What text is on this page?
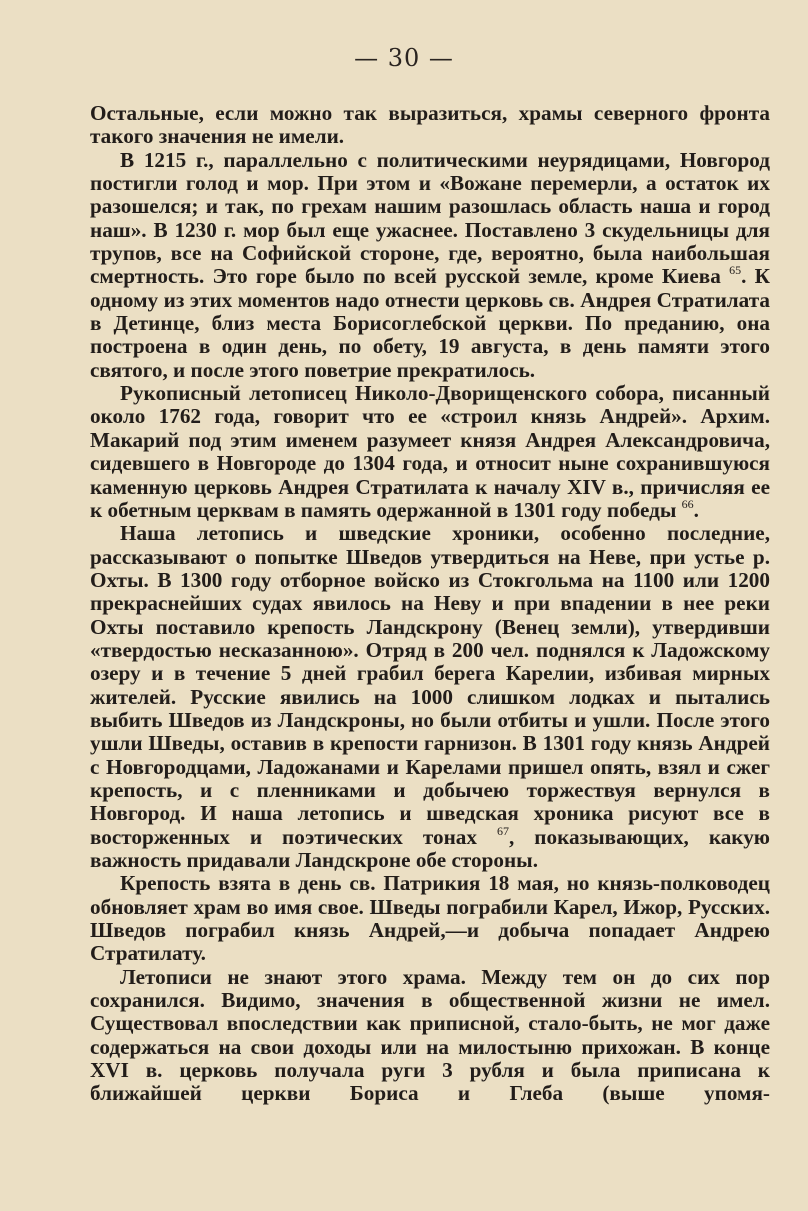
— 30 —

Остальные, если можно так выразиться, храмы северного фронта такого значения не имели.

В 1215 г., параллельно с политическими неурядицами, Новгород постигли голод и мор. При этом и «Вожане перемерли, а остаток их разошелся; и так, по грехам нашим разошлась область наша и город наш». В 1230 г. мор был еще ужаснее. Поставлено 3 скудельницы для трупов, все на Софийской стороне, где, вероятно, была наибольшая смертность. Это горе было по всей русской земле, кроме Киева $^{65}$. К одному из этих моментов надо отнести церковь св. Андрея Стратилата в Детинце, близ места Борисоглебской церкви. По преданию, она построена в один день, по обету, 19 августа, в день памяти этого святого, и после этого поветрие прекратилось.

Рукописный летописец Николо-Дворищенского собора, писанный около 1762 года, говорит что ее «строил князь Андрей». Архим. Макарий под этим именем разумеет князя Андрея Александровича, сидевшего в Новгороде до 1304 года, и относит ныне сохранившуюся каменную церковь Андрея Стратилата к началу XIV в., причисляя ее к обетным церквам в память одержанной в 1301 году победы $^{66}$.

Наша летопись и шведские хроники, особенно последние, рассказывают о попытке Шведов утвердиться на Неве, при устье р. Охты. В 1300 году отборное войско из Стокгольма на 1100 или 1200 прекраснейших судах явилось на Неву и при впадении в нее реки Охты поставило крепость Ландскрону (Венец земли), утвердивши «твердостью несказанною». Отряд в 200 чел. поднялся к Ладожскому озеру и в течение 5 дней грабил берега Карелии, избивая мирных жителей. Русские явились на 1000 слишком лодках и пытались выбить Шведов из Ландскроны, но были отбиты и ушли. После этого ушли Шведы, оставив в крепости гарнизон. В 1301 году князь Андрей с Новгородцами, Ладожанами и Карелами пришел опять, взял и сжег крепость, и с пленниками и добычею торжествуя вернулся в Новгород. И наша летопись и шведская хроника рисуют все в восторженных и поэтических тонах $^{67}$, показывающих, какую важность придавали Ландскроне обе стороны.

Крепость взята в день св. Патрикия 18 мая, но князь-полководец обновляет храм во имя свое. Шведы пограбили Карел, Ижор, Русских. Шведов пограбил князь Андрей,—и добыча попадает Андрею Стратилату.

Летописи не знают этого храма. Между тем он до сих пор сохранился. Видимо, значения в общественной жизни не имел. Существовал впоследствии как приписной, стало-быть, не мог даже содержаться на свои доходы или на милостыню прихожан. В конце XVI в. церковь получала руги 3 рубля и была приписана к ближайшей церкви Бориса и Глеба (выше упомя-
